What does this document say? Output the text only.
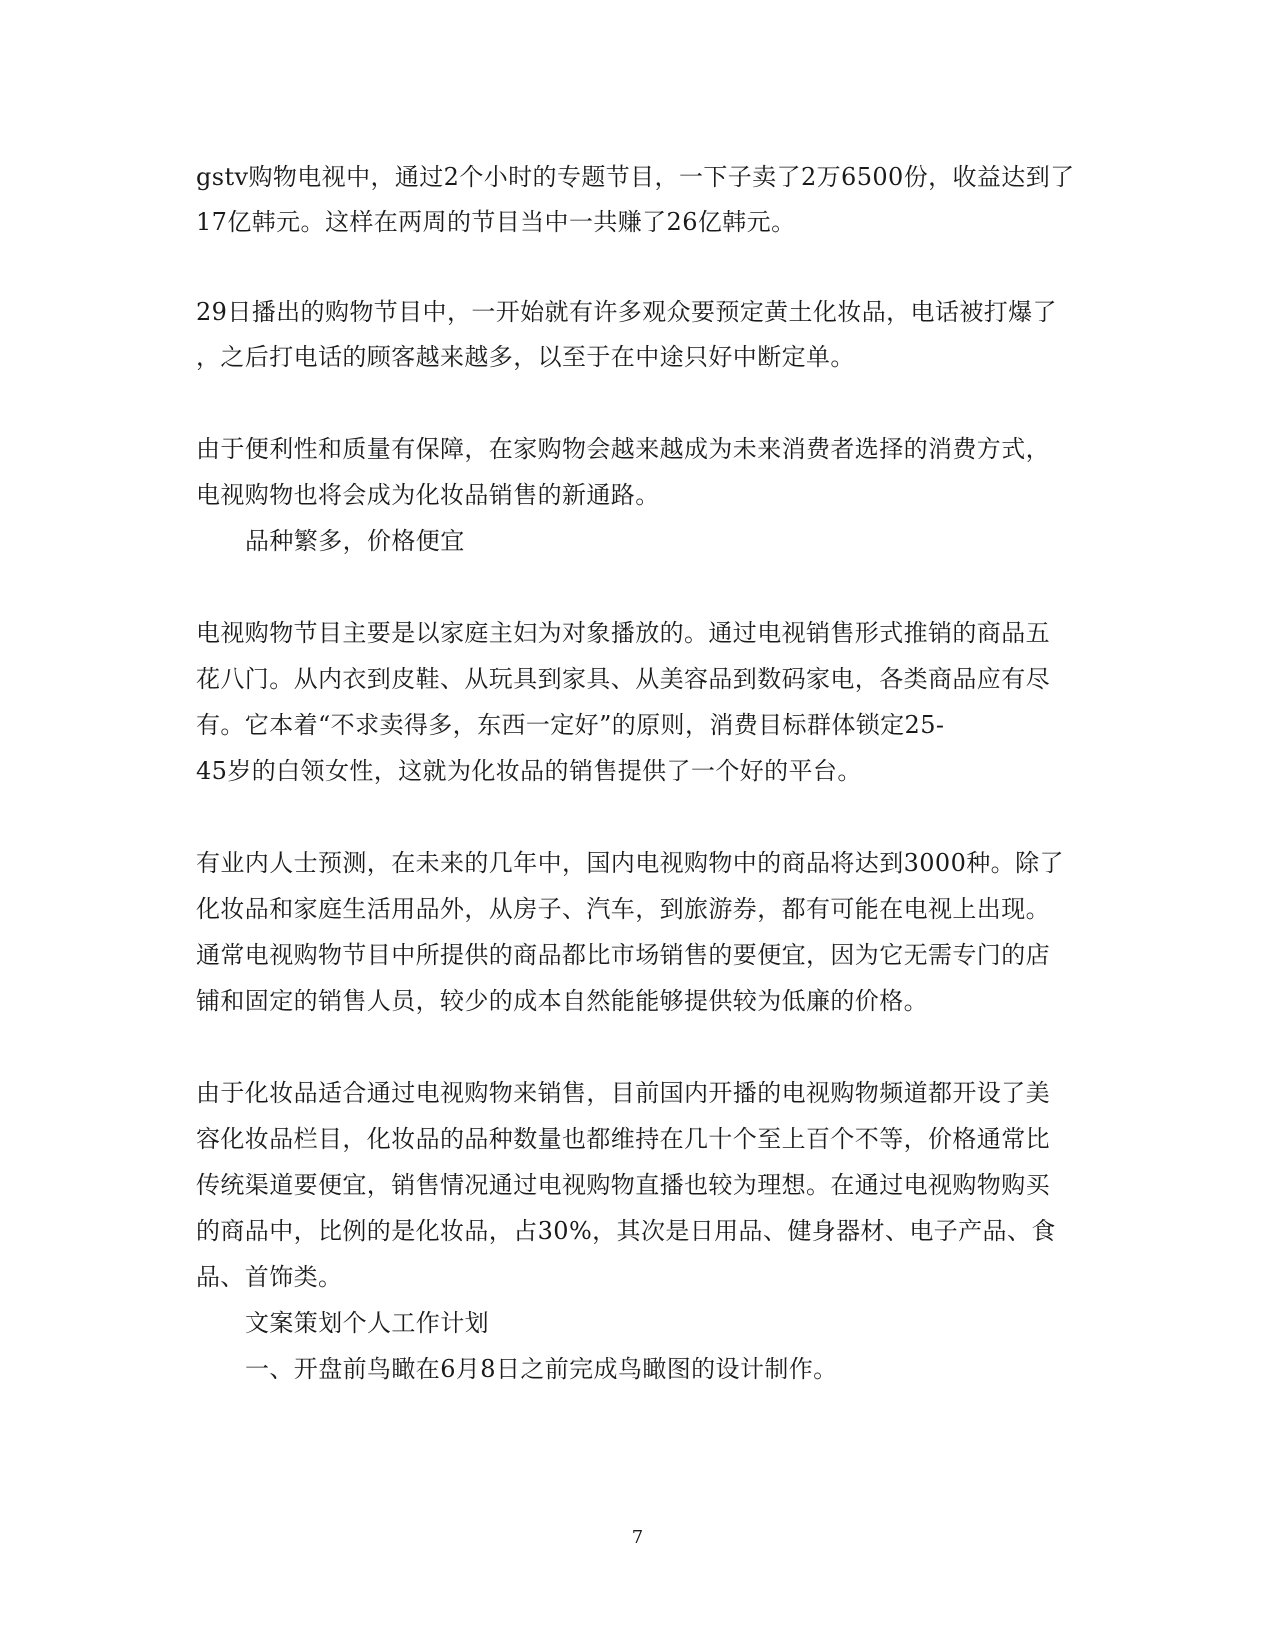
gstv购物电视中，通过2个小时的专题节目，一下子卖了2万6500份，收益达到了
17亿韩元。这样在两周的节目当中一共赚了26亿韩元。
29日播出的购物节目中，一开始就有许多观众要预定黄土化妆品，电话被打爆了
，之后打电话的顾客越来越多，以至于在中途只好中断定单。
由于便利性和质量有保障，在家购物会越来越成为未来消费者选择的消费方式，
电视购物也将会成为化妆品销售的新通路。
品种繁多，价格便宜
电视购物节目主要是以家庭主妇为对象播放的。通过电视销售形式推销的商品五
花八门。从内衣到皮鞋、从玩具到家具、从美容品到数码家电，各类商品应有尽
有。它本着“不求卖得多，东西一定好”的原则，消费目标群体锁定25-
45岁的白领女性，这就为化妆品的销售提供了一个好的平台。
有业内人士预测，在未来的几年中，国内电视购物中的商品将达到3000种。除了
化妆品和家庭生活用品外，从房子、汽车，到旅游券，都有可能在电视上出现。
通常电视购物节目中所提供的商品都比市场销售的要便宜，因为它无需专门的店
铺和固定的销售人员，较少的成本自然能能够提供较为低廉的价格。
由于化妆品适合通过电视购物来销售，目前国内开播的电视购物频道都开设了美
容化妆品栏目，化妆品的品种数量也都维持在几十个至上百个不等，价格通常比
传统渠道要便宜，销售情况通过电视购物直播也较为理想。在通过电视购物购买
的商品中，比例的是化妆品，占30%，其次是日用品、健身器材、电子产品、食
品、首饰类。
文案策划个人工作计划
一、开盘前鸟瞰在6月8日之前完成鸟瞰图的设计制作。
7
